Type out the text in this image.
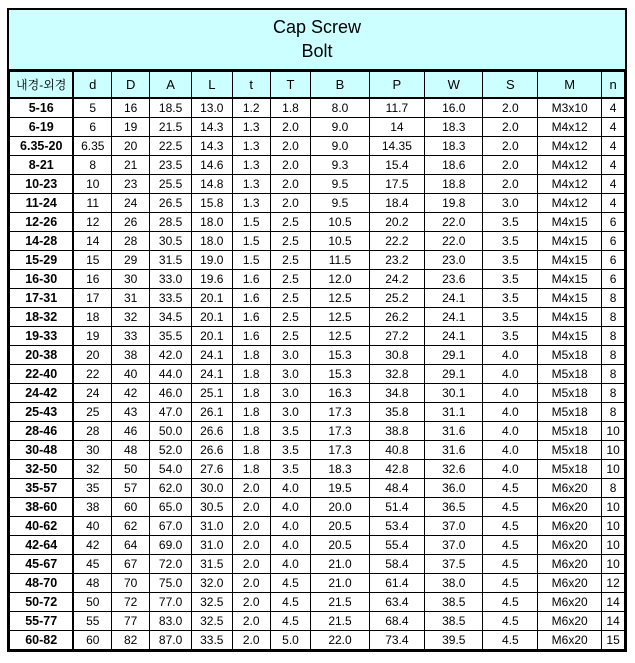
Cap Screw
Bolt
내경-외경	d	D	A	L	t	T	B	P	W	S	M	n
5-16	5	16	18.5	13.0	1.2	1.8	8.0	11.7	16.0	2.0	M3x10	4
6-19	6	19	21.5	14.3	1.3	2.0	9.0	14	18.3	2.0	M4x12	4
6.35-20	6.35	20	22.5	14.3	1.3	2.0	9.0	14.35	18.3	2.0	M4x12	4
8-21	8	21	23.5	14.6	1.3	2.0	9.3	15.4	18.6	2.0	M4x12	4
10-23	10	23	25.5	14.8	1.3	2.0	9.5	17.5	18.8	2.0	M4x12	4
11-24	11	24	26.5	15.8	1.3	2.0	9.5	18.4	19.8	3.0	M4x12	4
12-26	12	26	28.5	18.0	1.5	2.5	10.5	20.2	22.0	3.5	M4x15	6
14-28	14	28	30.5	18.0	1.5	2.5	10.5	22.2	22.0	3.5	M4x15	6
15-29	15	29	31.5	19.0	1.5	2.5	11.5	23.2	23.0	3.5	M4x15	6
16-30	16	30	33.0	19.6	1.6	2.5	12.0	24.2	23.6	3.5	M4x15	6
17-31	17	31	33.5	20.1	1.6	2.5	12.5	25.2	24.1	3.5	M4x15	8
18-32	18	32	34.5	20.1	1.6	2.5	12.5	26.2	24.1	3.5	M4x15	8
19-33	19	33	35.5	20.1	1.6	2.5	12.5	27.2	24.1	3.5	M4x15	8
20-38	20	38	42.0	24.1	1.8	3.0	15.3	30.8	29.1	4.0	M5x18	8
22-40	22	40	44.0	24.1	1.8	3.0	15.3	32.8	29.1	4.0	M5x18	8
24-42	24	42	46.0	25.1	1.8	3.0	16.3	34.8	30.1	4.0	M5x18	8
25-43	25	43	47.0	26.1	1.8	3.0	17.3	35.8	31.1	4.0	M5x18	8
28-46	28	46	50.0	26.6	1.8	3.5	17.3	38.8	31.6	4.0	M5x18	10
30-48	30	48	52.0	26.6	1.8	3.5	17.3	40.8	31.6	4.0	M5x18	10
32-50	32	50	54.0	27.6	1.8	3.5	18.3	42.8	32.6	4.0	M5x18	10
35-57	35	57	62.0	30.0	2.0	4.0	19.5	48.4	36.0	4.5	M6x20	8
38-60	38	60	65.0	30.5	2.0	4.0	20.0	51.4	36.5	4.5	M6x20	10
40-62	40	62	67.0	31.0	2.0	4.0	20.5	53.4	37.0	4.5	M6x20	10
42-64	42	64	69.0	31.0	2.0	4.0	20.5	55.4	37.0	4.5	M6x20	10
45-67	45	67	72.0	31.5	2.0	4.0	21.0	58.4	37.5	4.5	M6x20	10
48-70	48	70	75.0	32.0	2.0	4.5	21.0	61.4	38.0	4.5	M6x20	12
50-72	50	72	77.0	32.5	2.0	4.5	21.5	63.4	38.5	4.5	M6x20	14
55-77	55	77	83.0	32.5	2.0	4.5	21.5	68.4	38.5	4.5	M6x20	14
60-82	60	82	87.0	33.5	2.0	5.0	22.0	73.4	39.5	4.5	M6x20	15
